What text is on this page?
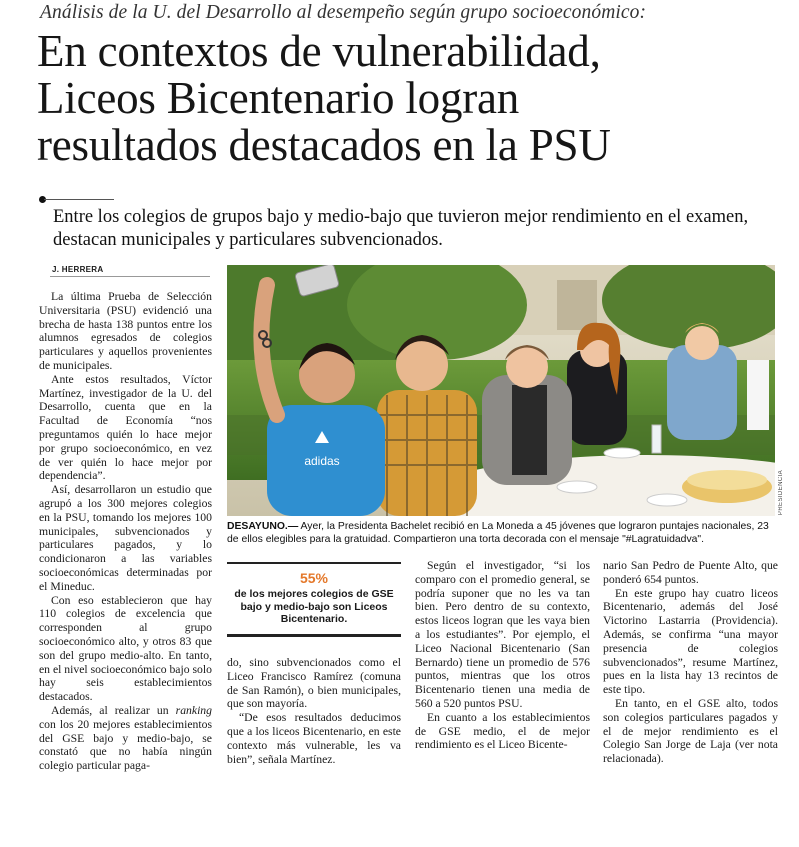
Análisis de la U. del Desarrollo al desempeño según grupo socioeconómico:
En contextos de vulnerabilidad,
Liceos Bicentenario logran
resultados destacados en la PSU
Entre los colegios de grupos bajo y medio-bajo que tuvieron mejor rendimiento en el examen, destacan municipales y particulares subvencionados.
J. HERRERA

La última Prueba de Selección Universitaria (PSU) evidenció una brecha de hasta 138 puntos entre los alumnos egresados de colegios particulares y aquellos provenientes de municipales.

Ante estos resultados, Víctor Martínez, investigador de la U. del Desarrollo, cuenta que en la Facultad de Economía “nos preguntamos quién lo hace mejor por grupo socioeconómico, en vez de ver quién lo hace mejor por dependencia”.

Así, desarrollaron un estudio que agrupó a los 300 mejores colegios en la PSU, tomando los mejores 100 municipales, subvencionados y particulares pagados, y lo condicionaron a las variables socioeconómicas determinadas por el Mineduc.

Con eso establecieron que hay 110 colegios de excelencia que corresponden al grupo socioeconómico alto, y otros 83 que son del grupo medio-alto. En tanto, en el nivel socioeconómico bajo solo hay seis establecimientos destacados.

Además, al realizar un ranking con los 20 mejores establecimientos del GSE bajo y medio-bajo, se constató que no había ningún colegio particular paga-

adidas
PRESIDENCIA
DESAYUNO.— Ayer, la Presidenta Bachelet recibió en La Moneda a 45 jóvenes que lograron puntajes nacionales, 23 de ellos elegibles para la gratuidad. Compartieron una torta decorada con el mensaje "#Lagratuidadva".
55%
de los mejores colegios de GSE bajo y medio-bajo son Liceos Bicentenario.

do, sino subvencionados como el Liceo Francisco Ramírez (comuna de San Ramón), o bien municipales, que son mayoría.

“De esos resultados deducimos que a los liceos Bicentenario, en este contexto más vulnerable, les va bien”, señala Martínez.

Según el investigador, “si los comparo con el promedio general, se podría suponer que no les va tan bien. Pero dentro de su contexto, estos liceos logran que les vaya bien a los estudiantes”. Por ejemplo, el Liceo Nacional Bicentenario (San Bernardo) tiene un promedio de 576 puntos, mientras que los otros Bicentenario tienen una media de 560 a 520 puntos PSU.

En cuanto a los establecimientos de GSE medio, el de mejor rendimiento es el Liceo Bicente-

nario San Pedro de Puente Alto, que ponderó 654 puntos.

En este grupo hay cuatro liceos Bicentenario, además del José Victorino Lastarria (Providencia). Además, se confirma “una mayor presencia de colegios subvencionados”, resume Martínez, pues en la lista hay 13 recintos de este tipo.

En tanto, en el GSE alto, todos son colegios particulares pagados y el de mejor rendimiento es el Colegio San Jorge de Laja (ver nota relacionada).
